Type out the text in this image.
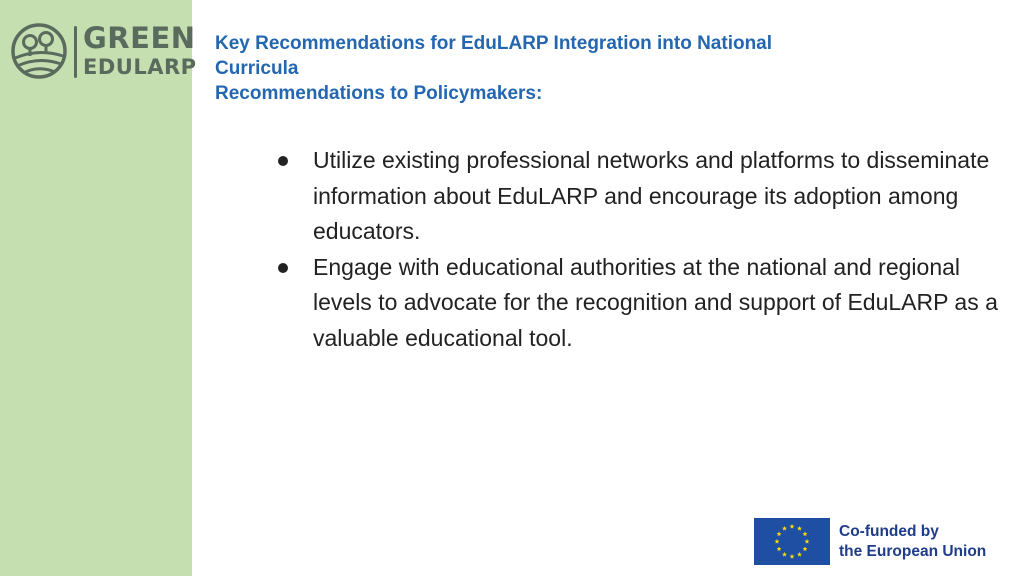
GREEN
EDULARP
Key Recommendations for EduLARP Integration into National
Curricula
Recommendations to Policymakers:
Utilize existing professional networks and platforms to disseminate information about EduLARP and encourage its adoption among educators.
Engage with educational authorities at the national and regional levels to advocate for the recognition and support of EduLARP as a valuable educational tool.
Co-funded by
the European Union
